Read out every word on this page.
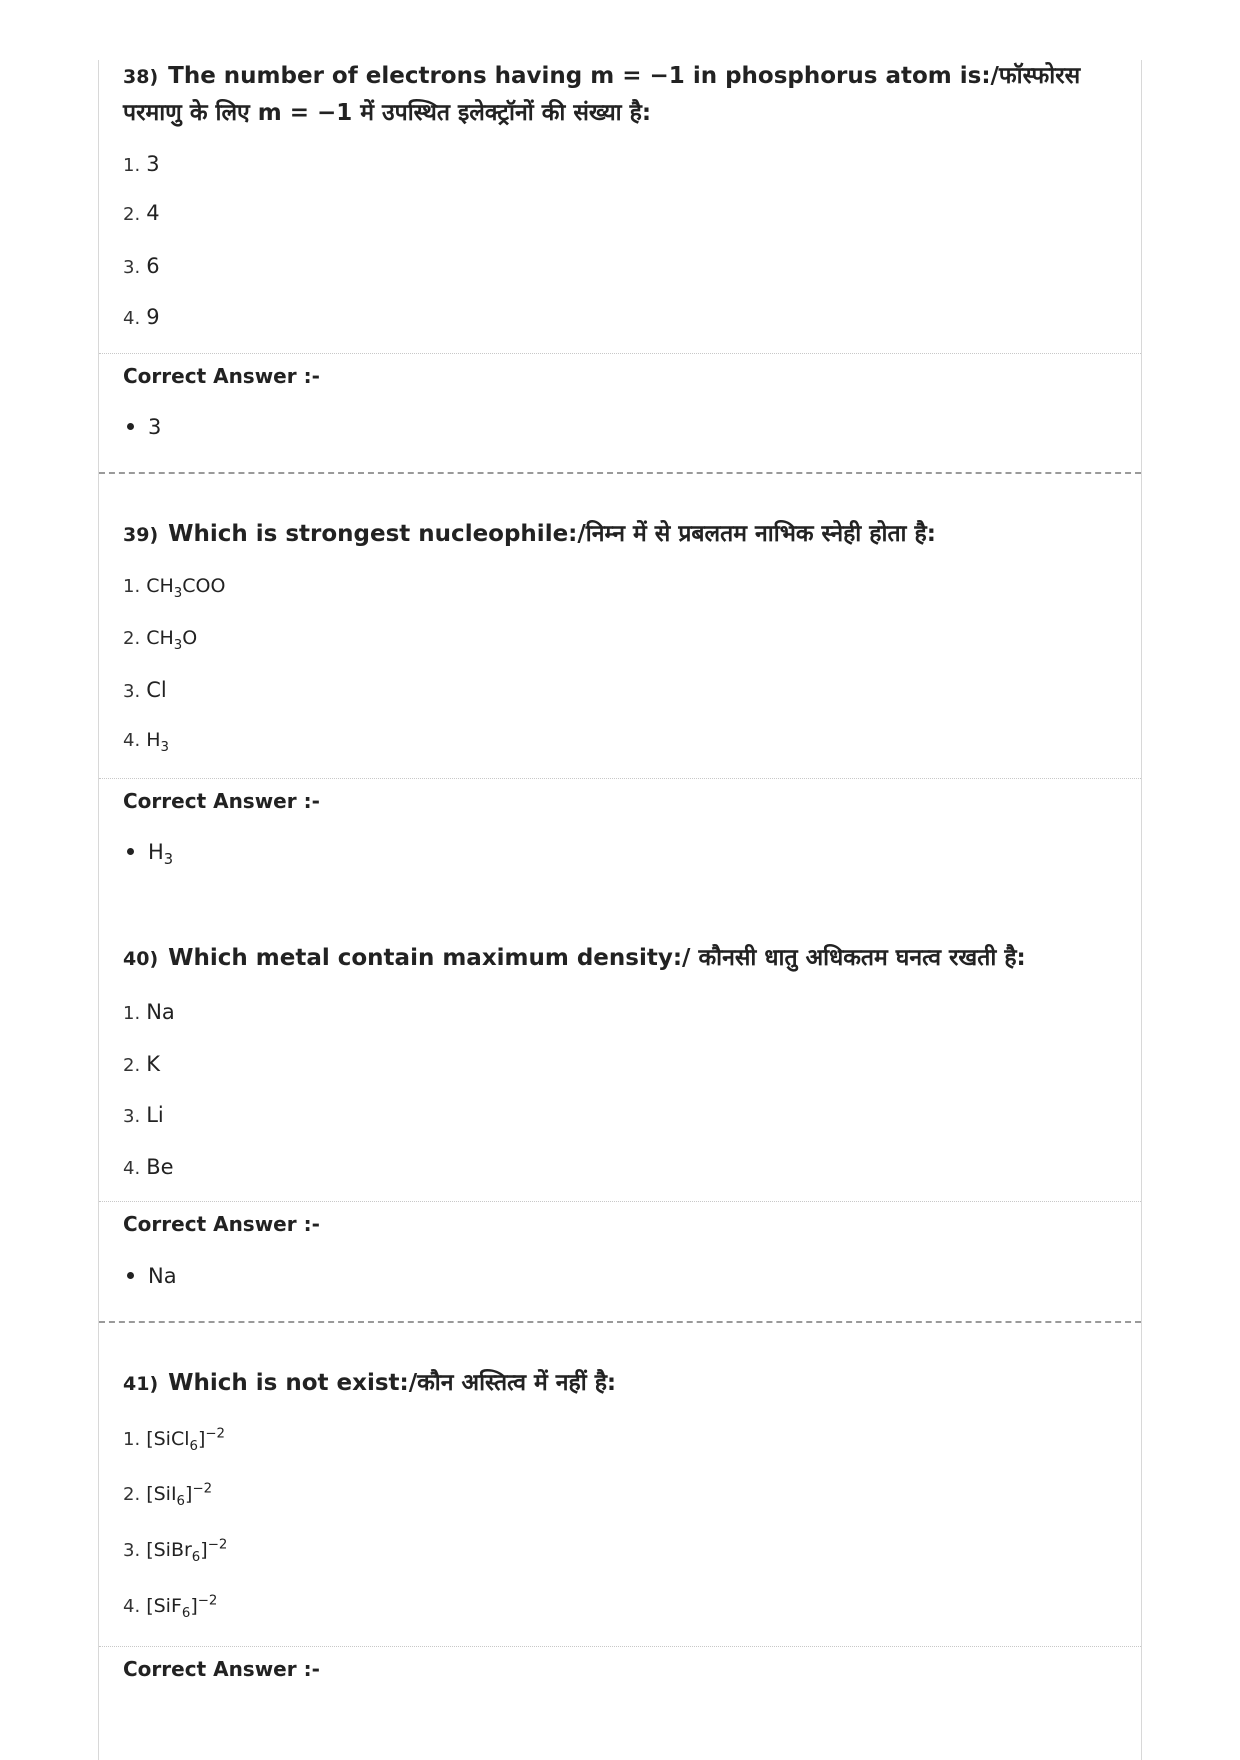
38) The number of electrons having m = −1 in phosphorus atom is:/फॉस्फोरस
परमाणु के लिए m = −1 में उपस्थित इलेक्ट्रॉनों की संख्या है:
1. 3
2. 4
3. 6
4. 9
Correct Answer :-
3
39) Which is strongest nucleophile:/निम्न में से प्रबलतम नाभिक स्नेही होता है:
1. $CH_3COO$
2. $CH_3O$
3. Cl
4. $H_3$
Correct Answer :-
$H_3$
40) Which metal contain maximum density:/ कौनसी धातु अधिकतम घनत्व रखती है:
1. Na
2. K
3. Li
4. Be
Correct Answer :-
Na
41) Which is not exist:/कौन अस्तित्व में नहीं है:
1. [SiCl$_6$]$^{-2}$
2. $[SiI_6]^{-2}$
3. [SiBr$_6$]$^{-2}$
4. $[SiF_6]^{-2}$
Correct Answer :-
